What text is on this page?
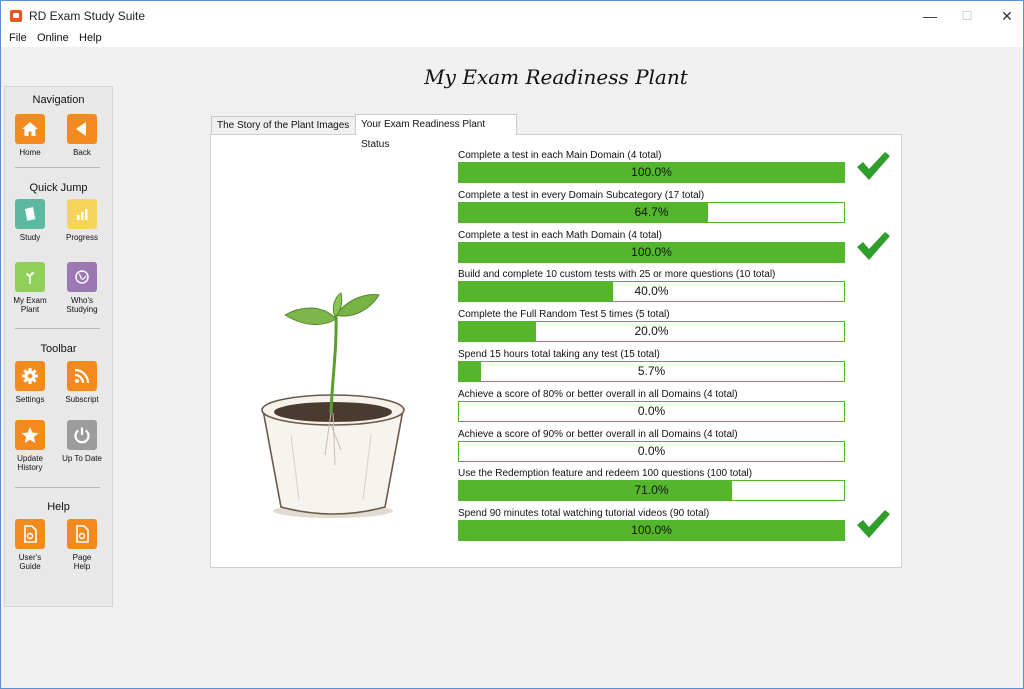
RD Exam Study Suite	—	☐	✕
File Online Help
Navigation
Home	Back
Quick Jump
Study	Progress
My Exam
Plant
Who's
Studying
Toolbar
Settings	Subscript
Update
History
Up To Date
Help
User's
Guide
Page
Help
My Exam Readiness Plant
The Story of the Plant Images	Your Exam Readiness Plant Status
Complete a test in each Main Domain (4 total)
100.0%
Complete a test in every Domain Subcategory (17 total)
64.7%
Complete a test in each Math Domain (4 total)
100.0%
Build and complete 10 custom tests with 25 or more questions (10 total)
40.0%
Complete the Full Random Test 5 times (5 total)
20.0%
Spend 15 hours total taking any test (15 total)
5.7%
Achieve a score of 80% or better overall in all Domains (4 total)
0.0%
Achieve a score of 90% or better overall in all Domains (4 total)
0.0%
Use the Redemption feature and redeem 100 questions (100 total)
71.0%
Spend 90 minutes total watching tutorial videos (90 total)
100.0%
